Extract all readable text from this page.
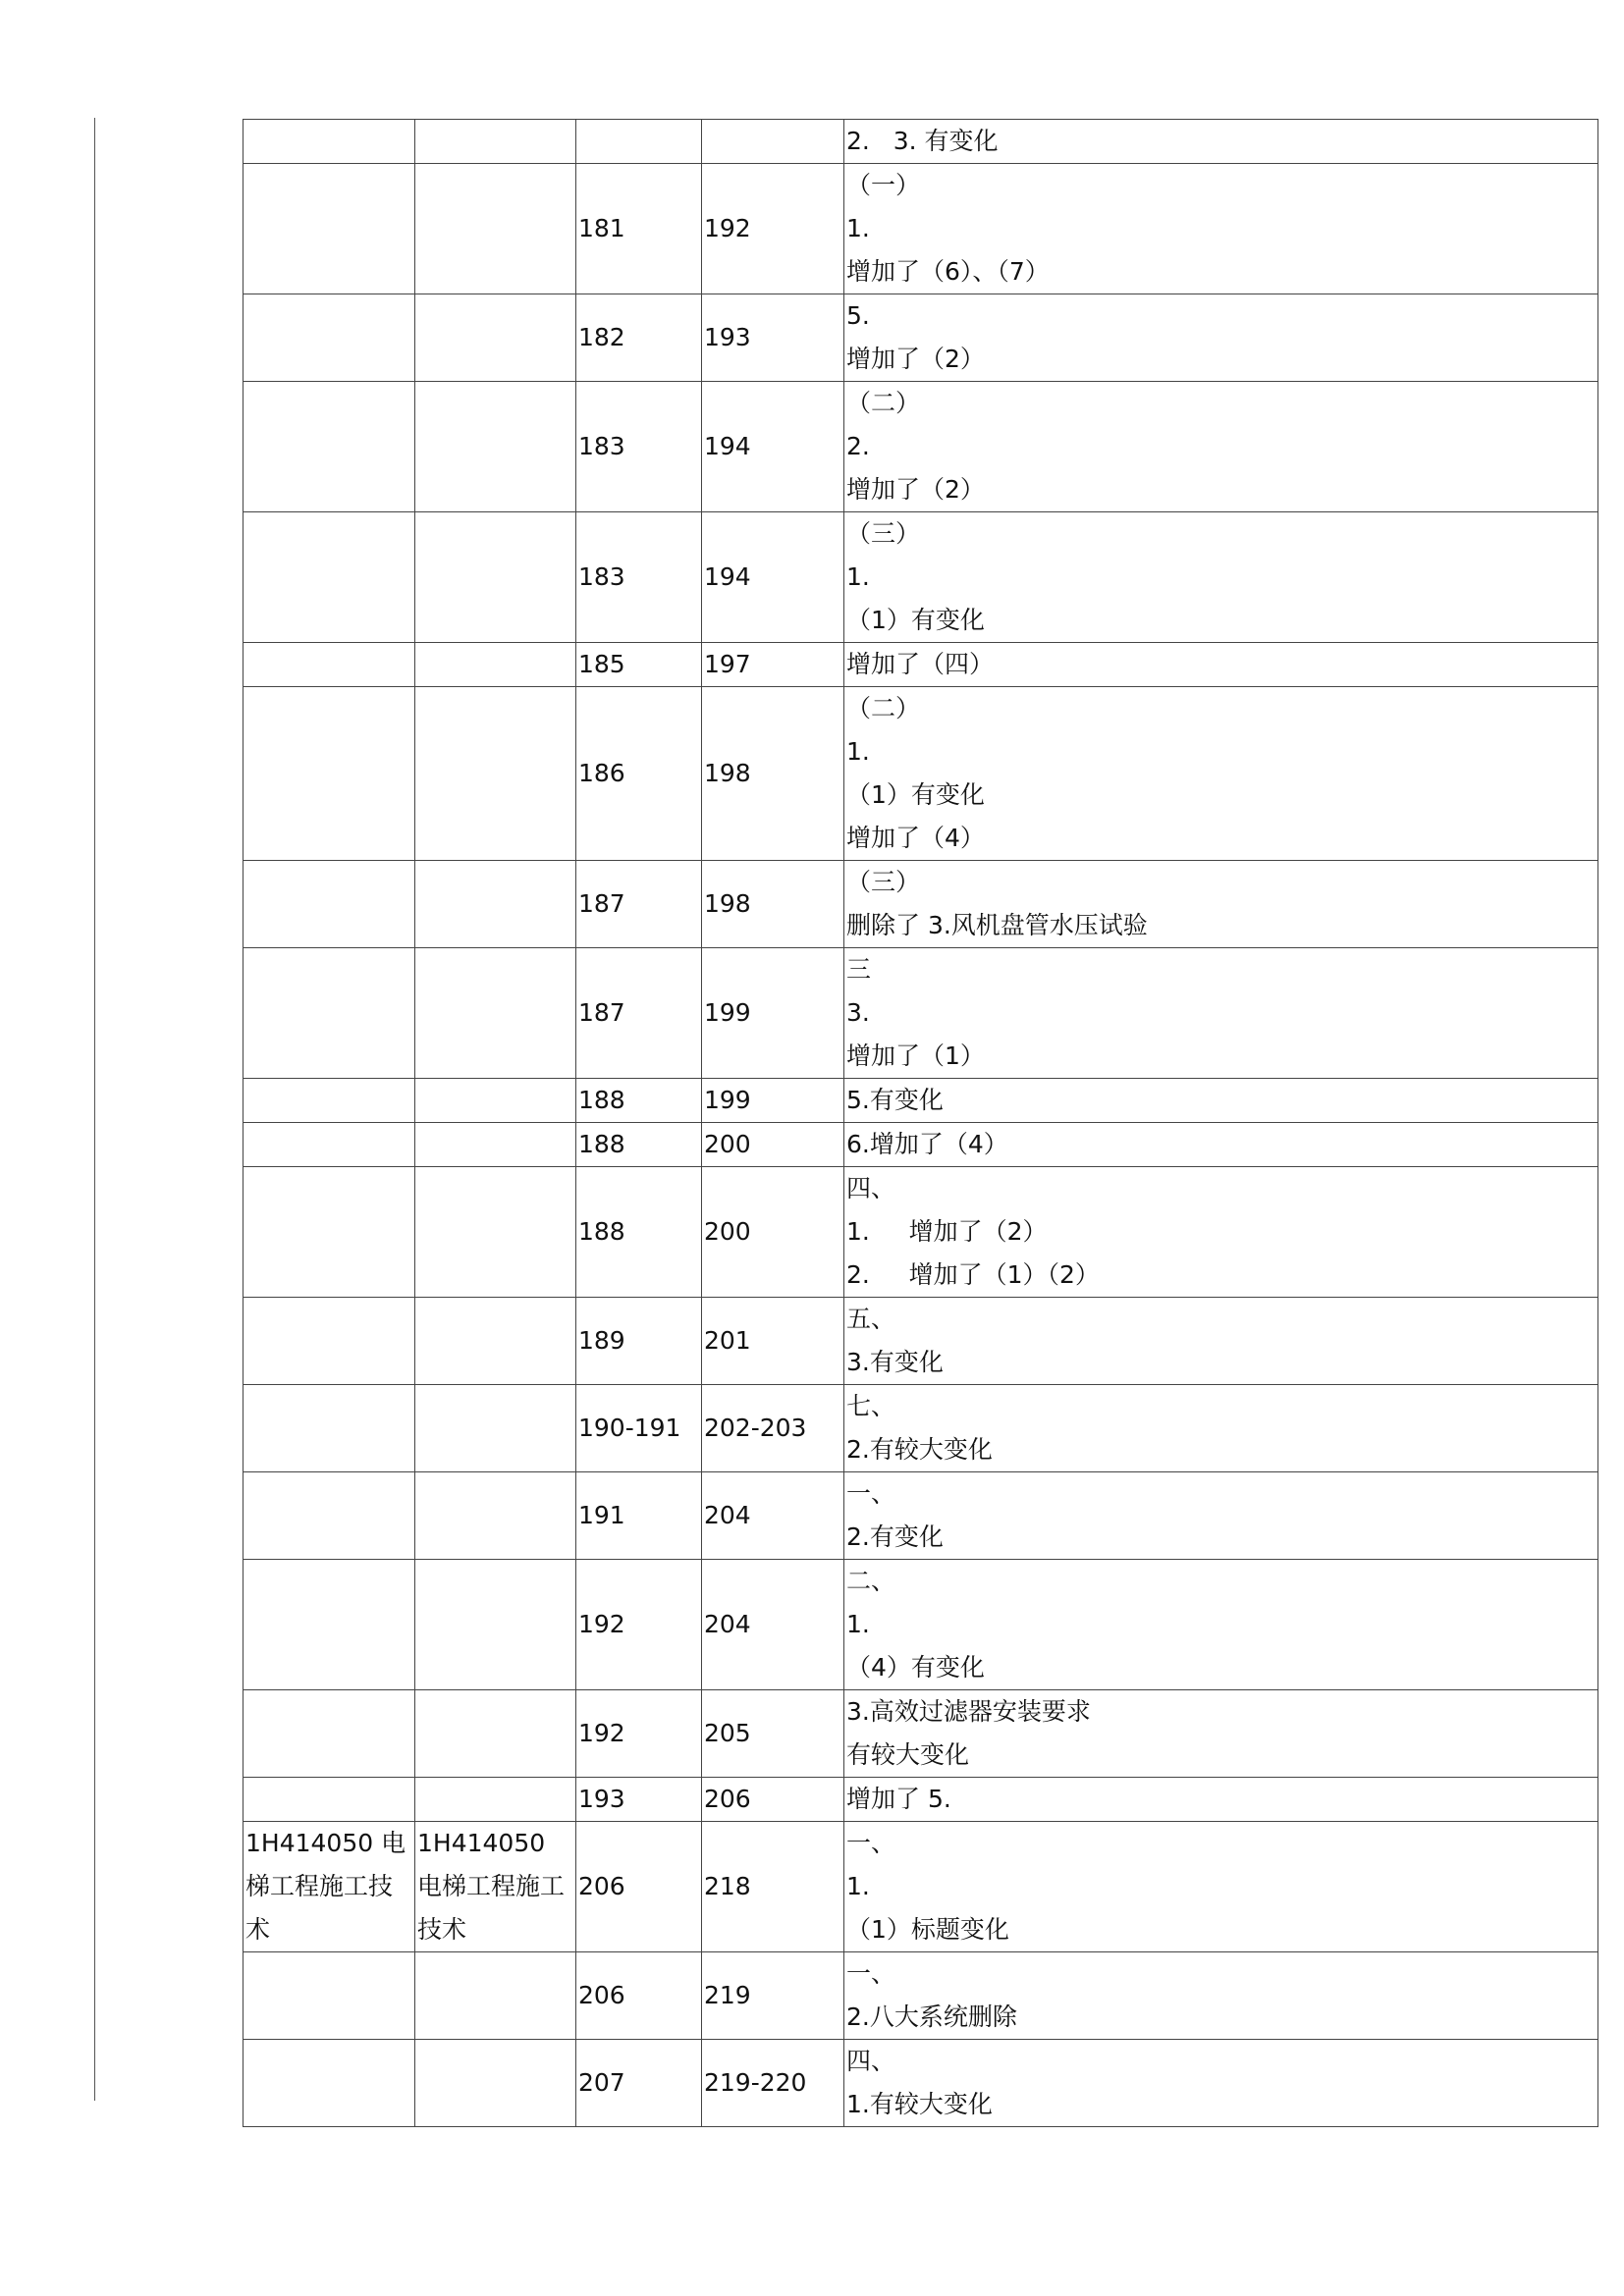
				2.   3. 有变化

		181	192	（一）
1.
增加了（6）、（7）

		182	193	5.
增加了（2）

		183	194	（二）
2.
增加了（2）

		183	194	（三）
1.
（1）有变化

		185	197	增加了（四）

		186	198	（二）
1.
（1）有变化
增加了（4）

		187	198	（三）
删除了 3.风机盘管水压试验

		187	199	三
3.
增加了（1）

		188	199	5.有变化

		188	200	6.增加了（4）

		188	200	四、
1.     增加了（2）
2.     增加了（1）（2）

		189	201	五、
3.有变化

		190-191	202-203	七、
2.有较大变化

		191	204	一、
2.有变化

		192	204	二、
1.
（4）有变化

		192	205	3.高效过滤器安装要求
有较大变化

		193	206	增加了 5.

1H414050 电梯工程施工技术	1H414050 电梯工程施工技术	206	218	一、
1.
（1）标题变化

		206	219	一、
2.八大系统删除

		207	219-220	四、
1.有较大变化
